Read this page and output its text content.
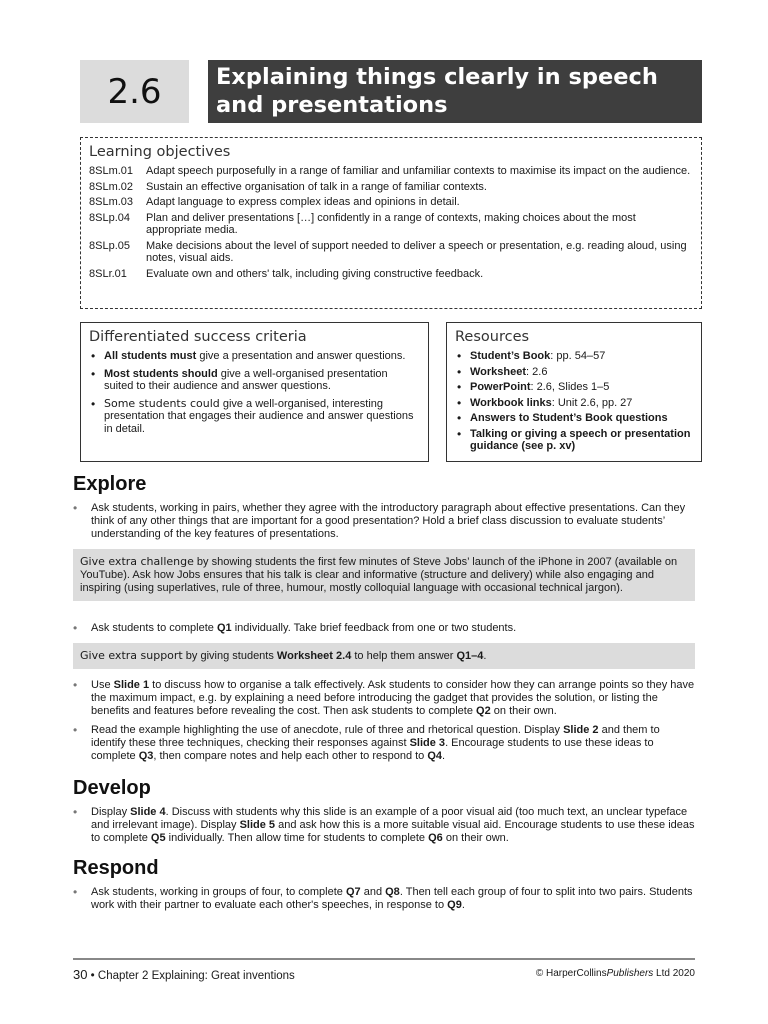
2.6	Explaining things clearly in speech and presentations
Learning objectives
8SLm.01	Adapt speech purposefully in a range of familiar and unfamiliar contexts to maximise its impact on the audience.
8SLm.02	Sustain an effective organisation of talk in a range of familiar contexts.
8SLm.03	Adapt language to express complex ideas and opinions in detail.
8SLp.04	Plan and deliver presentations […] confidently in a range of contexts, making choices about the most appropriate media.
8SLp.05	Make decisions about the level of support needed to deliver a speech or presentation, e.g. reading aloud, using notes, visual aids.
8SLr.01	Evaluate own and others' talk, including giving constructive feedback.
Differentiated success criteria
• All students must give a presentation and answer questions.
• Most students should give a well-organised presentation suited to their audience and answer questions.
• Some students could give a well-organised, interesting presentation that engages their audience and answer questions in detail.
Resources
• Student’s Book: pp. 54–57
• Worksheet: 2.6
• PowerPoint: 2.6, Slides 1–5
• Workbook links: Unit 2.6, pp. 27
• Answers to Student’s Book questions
• Talking or giving a speech or presentation guidance (see p. xv)
Explore
• Ask students, working in pairs, whether they agree with the introductory paragraph about effective presentations. Can they think of any other things that are important for a good presentation? Hold a brief class discussion to evaluate students’ understanding of the key features of presentations.
Give extra challenge by showing students the first few minutes of Steve Jobs’ launch of the iPhone in 2007 (available on YouTube). Ask how Jobs ensures that his talk is clear and informative (structure and delivery) while also engaging and inspiring (using superlatives, rule of three, humour, mostly colloquial language with occasional technical jargon).
• Ask students to complete Q1 individually. Take brief feedback from one or two students.
Give extra support by giving students Worksheet 2.4 to help them answer Q1–4.
• Use Slide 1 to discuss how to organise a talk effectively. Ask students to consider how they can arrange points so they have the maximum impact, e.g. by explaining a need before introducing the gadget that provides the solution, or listing the benefits and features before revealing the cost. Then ask students to complete Q2 on their own.
• Read the example highlighting the use of anecdote, rule of three and rhetorical question. Display Slide 2 and them to identify these three techniques, checking their responses against Slide 3. Encourage students to use these ideas to complete Q3, then compare notes and help each other to respond to Q4.
Develop
• Display Slide 4. Discuss with students why this slide is an example of a poor visual aid (too much text, an unclear typeface and irrelevant image). Display Slide 5 and ask how this is a more suitable visual aid. Encourage students to use these ideas to complete Q5 individually. Then allow time for students to complete Q6 on their own.
Respond
• Ask students, working in groups of four, to complete Q7 and Q8. Then tell each group of four to split into two pairs. Students work with their partner to evaluate each other's speeches, in response to Q9.
30 • Chapter 2 Explaining: Great inventions	© HarperCollinsPublishers Ltd 2020
